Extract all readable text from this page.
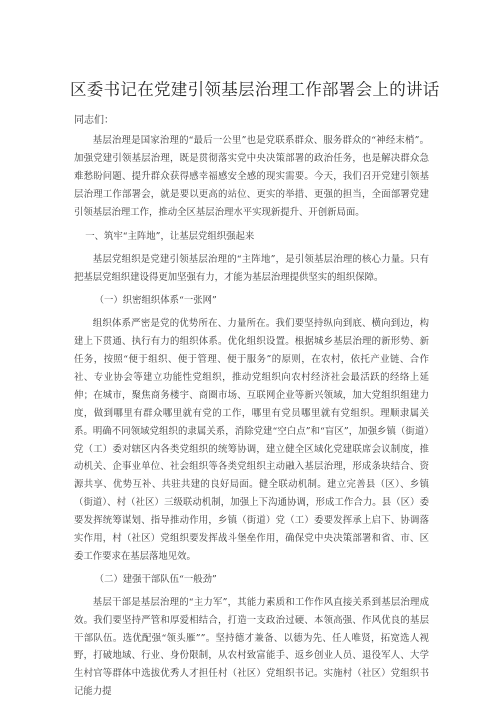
区委书记在党建引领基层治理工作部署会上的讲话
同志们：

基层治理是国家治理的“最后一公里”也是党联系群众、服务群众的“神经末梢”。加强党建引领基层治理，既是贯彻落实党中央决策部署的政治任务，也是解决群众急难愁盼问题、提升群众获得感幸福感安全感的现实需要。今天，我们召开党建引领基层治理工作部署会，就是要以更高的站位、更实的举措、更强的担当，全面部署党建引领基层治理工作，推动全区基层治理水平实现新提升、开创新局面。

一、筑牢“主阵地”，让基层党组织强起来

基层党组织是党建引领基层治理的“主阵地”，是引领基层治理的核心力量。只有把基层党组织建设得更加坚强有力，才能为基层治理提供坚实的组织保障。

（一）织密组织体系“一张网”

组织体系严密是党的优势所在、力量所在。我们要坚持纵向到底、横向到边，构建上下贯通、执行有力的组织体系。优化组织设置。根据城乡基层治理的新形势、新任务，按照“便于组织、便于管理、便于服务”的原则，在农村，依托产业链、合作社、专业协会等建立功能性党组织，推动党组织向农村经济社会最活跃的经络上延伸；在城市，聚焦商务楼宇、商圈市场、互联网企业等新兴领域，加大党组织组建力度，做到哪里有群众哪里就有党的工作，哪里有党员哪里就有党组织。理顺隶属关系。明确不同领域党组织的隶属关系，消除党建“空白点”和“盲区”，加强乡镇（街道）党（工）委对辖区内各类党组织的统筹协调，建立健全区域化党建联席会议制度，推动机关、企事业单位、社会组织等各类党组织主动融入基层治理，形成条块结合、资源共享、优势互补、共驻共建的良好局面。健全联动机制。建立完善县（区）、乡镇（街道）、村（社区）三级联动机制，加强上下沟通协调，形成工作合力。县（区）委要发挥统筹谋划、指导推动作用，乡镇（街道）党（工）委要发挥承上启下、协调落实作用，村（社区）党组织要发挥战斗堡垒作用，确保党中央决策部署和省、市、区委工作要求在基层落地见效。

（二）建强干部队伍“一般劲”

基层干部是基层治理的“主力军”，其能力素质和工作作风直接关系到基层治理成效。我们要坚持严管和厚爱相结合，打造一支政治过硬、本领高强、作风优良的基层干部队伍。选优配强“领头雁””。坚持德才兼备、以德为先、任人唯贤，拓宽选人视野，打破地域、行业、身份限制，从农村致富能手、返乡创业人员、退役军人、大学生村官等群体中选拔优秀人才担任村（社区）党组织书记。实施村（社区）党组织书记能力提
